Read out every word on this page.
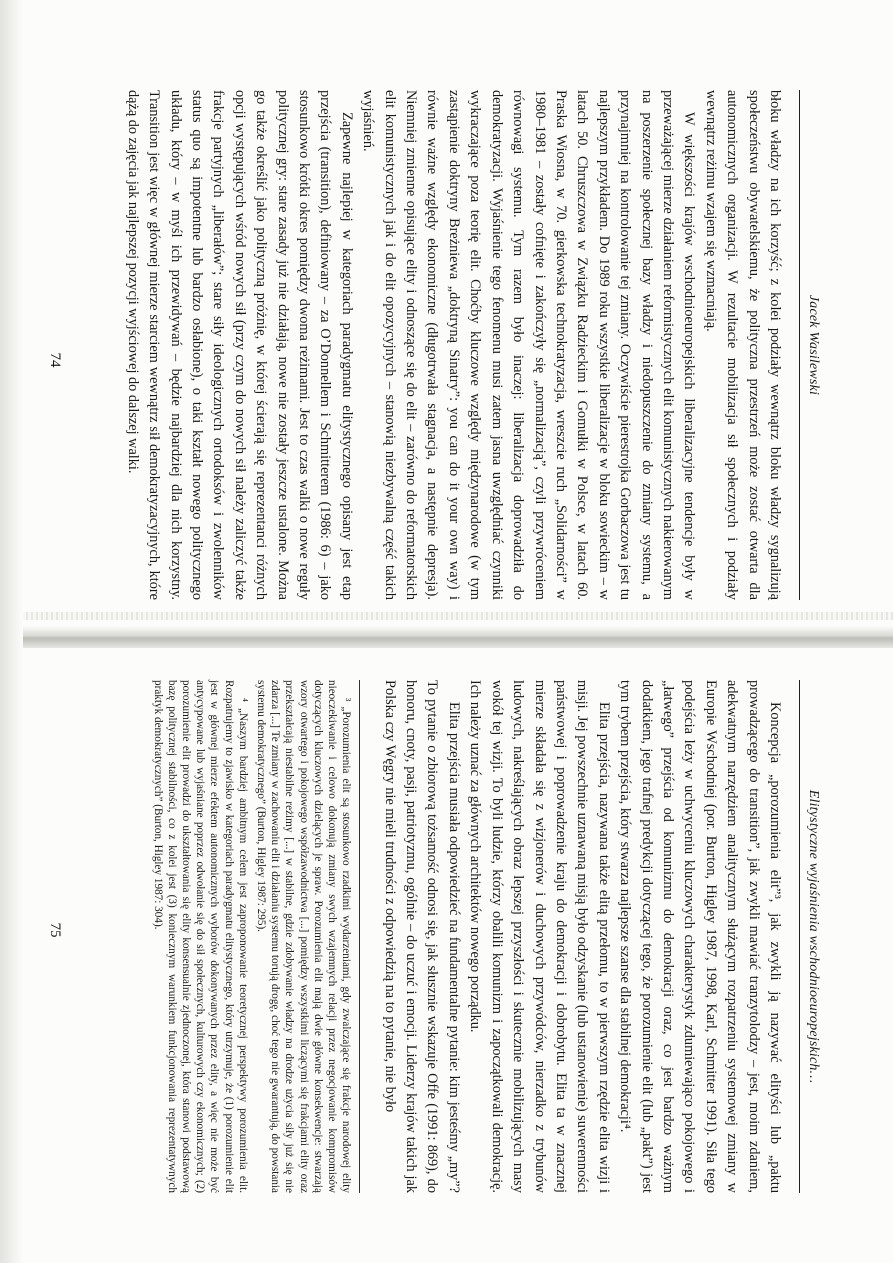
Jacek Wasilewski

błoku władzy na ich korzyść; z kolei podziały wewnątrz bloku władzy sygnalizują społeczeństwu obywatelskiemu, że polityczna przestrzeń może zostać otwarta dla autonomicznych organizacji. W rezultacie mobilizacja sił społecznych i podziały wewnątrz reżimu wzajem się wzmacniają.

W większości krajów wschodnioeuropejskich liberalizacyjne tendencje były w przeważającej mierze działaniem reformistycznych elit komunistycznych nakierowanym na poszerzenie społecznej bazy władzy i niedopuszczenie do zmiany systemu, a przynajmniej na kontrolowanie tej zmiany. Oczywiście pierestrojka Gorbaczowa jest tu najlepszym przykładem. Do 1989 roku wszystkie liberalizacje w bloku sowieckim – w latach 50. Chruszczowa w Związku Radzieckim i Gomułki w Polsce, w latach 60. Praska Wiosna, w 70. gierkowska technokratyzacja, wreszcie ruch „Solidarności” w 1980–1981 – zostały cofnięte i zakończyły się „normalizacją”, czyli przywróceniem równowagi systemu. Tym razem było inaczej: liberalizacja doprowadziła do demokratyzacji. Wyjaśnienie tego fenomenu musi zatem jasna uwzględniać czynniki wykraczające poza teorię elit. Choćby kluczowe względy międzynarodowe (w tym zastąpienie doktryny Breżniewa „doktryną Sinatry”: you can do it your own way) i równie ważne względy ekonomiczne (długotrwała stagnacja, a następnie depresja). Niemniej zmienne opisujące elity i odnoszące się do elit – zarówno do reformatorskich elit komunistycznych jak i do elit opozycyjnych – stanowią niezbywalną część takich wyjaśnień.

Zapewne najlepiej w kategoriach paradygmatu elitystycznego opisany jest etap przejścia (transition), definiowany – za O’Donnellem i Schmitterem (1986: 6) – jako stosunkowo krótki okres pomiędzy dwoma reżimami. Jest to czas walki o nowe reguły politycznej gry: stare zasady już nie działają, nowe nie zostały jeszcze ustalone. Można go także określić jako polityczną próżnię, w której ścierają się reprezentanci różnych opcji występujących wśród nowych sił (przy czym do nowych sił należy zaliczyć także frakcje partyjnych „liberałów”; stare siły ideologicznych ortodoksów i zwolenników status quo są impotentne lub bardzo osłabione), o taki kształt nowego politycznego układu, który – w myśl ich przewidywań – będzie najbardziej dla nich korzystny. Transition jest więc w głównej mierze starciem wewnątrz sił demokratyzacyjnych, które dążą do zajęcia jak najlepszej pozycji wyjściowej do dalszej walki.

74
Elitystyczne wyjaśnienia wschodnioeuropejskich…

Koncepcja „porozumienia elit”³, jak zwykli ją nazywać elityści lub „paktu prowadzącego do transition”, jak zwykli mawiać tranzytolodzy – jest, moim zdaniem, adekwatnym narzędziem analitycznym służącym rozpatrzeniu systemowej zmiany w Europie Wschodniej (por. Burton, Higley 1987, 1998, Karl, Schmitter 1991). Siła tego podejścia leży w uchwyceniu kluczowych charakterystyk zdumiewająco pokojowego i „łatwego” przejścia od komunizmu do demokracji oraz, co jest bardzo ważnym dodatkiem, jego trafnej predykcji dotyczącej tego, że porozumienie elit (lub „pakt”) jest tym trybem przejścia, który stwarza najlepsze szanse dla stabilnej demokracji⁴.

Elita przejścia, nazywana także elitą przełomu, to w pierwszym rzędzie elita wizji i misji. Jej powszechnie uznawaną misją było odzyskanie (lub ustanowienie) suwerenności państwowej i poprowadzenie kraju do demokracji i dobrobytu. Elita ta w znacznej mierze składała się z wizjonerów i duchowych przywódców, nierzadko z trybunów ludowych, nakreślających obraz lepszej przyszłości i skutecznie mobilizujących masy wokół tej wizji. To byli ludzie, którzy obalili komunizm i zapoczątkowali demokrację. Ich należy uznać za głównych architektów nowego porządku.

Elita przejścia musiała odpowiedzieć na fundamentalne pytanie: kim jesteśmy „my”? To pytanie o zbiorową tożsamość odnosi się, jak słusznie wskazuje Offe (1991: 869), do honoru, cnoty, pasji, patriotyzmu, ogólnie – do uczuć i emocji. Liderzy krajów takich jak Polska czy Węgry nie mieli trudności z odpowiedzią na to pytanie, nie było

³ „Porozumienia elit są stosunkowo rzadkimi wydarzeniami, gdy zwalczające się frakcje narodowej elity nieoczekiwanie i celowo dokonują zmiany swych wzajemnych relacji przez negocjowanie kompromisów dotyczących kluczowych dzielących je spraw. Porozumienia elit mają dwie główne konsekwencje: stwarzają wzory otwartego i pokojowego współzawodnictwa [...] pomiędzy wszystkimi liczącymi się frakcjami elity oraz przekształcają niestabilne reżimy [...] w stabilne, gdzie zdobywanie władzy na drodze użycia siły już się nie zdarza [...] Te zmiany w zachowaniu elit i działaniu systemu torują drogę, choć tego nie gwarantują, do powstania systemu demokratycznego” (Burton, Higley 1987: 295).

⁴ „Naszym bardziej ambitnym celem jest zaproponowanie teoretycznej perspektywy porozumienia elit. Rozpatrujemy to zjawisko w kategoriach paradygmatu elitystycznego, który utrzymuje, że (1) porozumienie elit jest w głównej mierze efektem autonomicznych wyborów dokonywanych przez elity, a więc nie może być antycypowane lub wyjaśniane poprzez odwołanie się do sił społecznych, kulturowych czy ekonomicznych; (2) porozumienie elit prowadzi do ukształtowania się elity konsensualnie zjednoczonej, która stanowi podstawową bazę politycznej stabilności, co z kolei jest (3) koniecznym warunkiem funkcjonowania reprezentatywnych praktyk demokratycznych” (Burton, Higley 1987: 304).

75
